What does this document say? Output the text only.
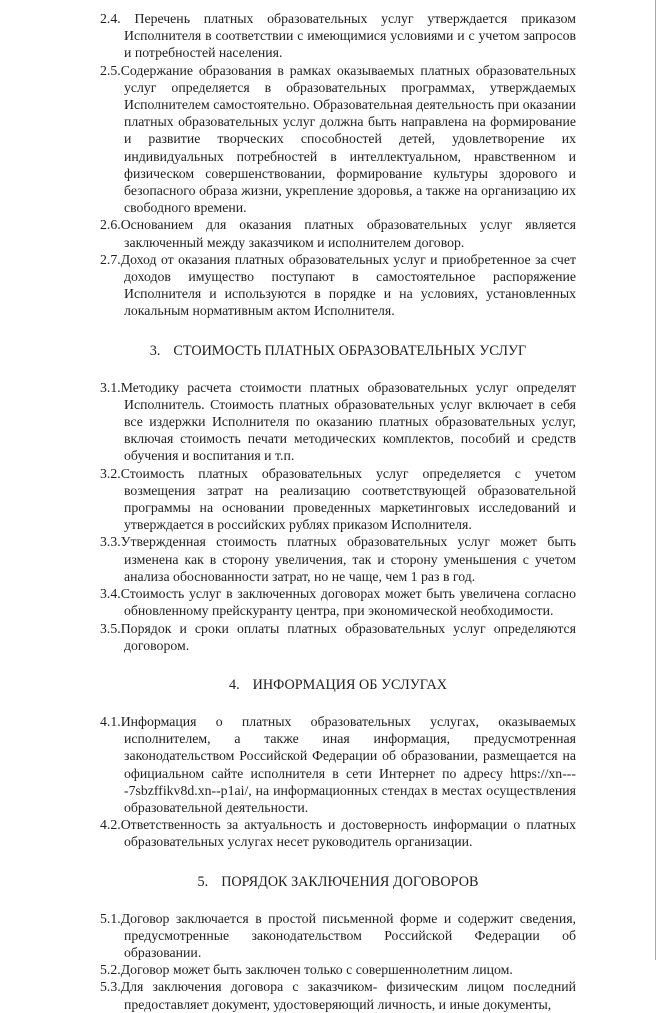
2.4. Перечень платных образовательных услуг утверждается приказом Исполнителя в соответствии с имеющимися условиями и с учетом запросов и потребностей населения.

2.5.Содержание образования в рамках оказываемых платных образовательных услуг определяется в образовательных программах, утверждаемых Исполнителем самостоятельно. Образовательная деятельность при оказании платных образовательных услуг должна быть направлена на формирование и развитие творческих способностей детей, удовлетворение их индивидуальных потребностей в интеллектуальном, нравственном и физическом совершенствовании, формирование культуры здорового и безопасного образа жизни, укрепление здоровья, а также на организацию их свободного времени.

2.6.Основанием для оказания платных образовательных услуг является заключенный между заказчиком и исполнителем договор.

2.7.Доход от оказания платных образовательных услуг и приобретенное за счет доходов имущество поступают в самостоятельное распоряжение Исполнителя и используются в порядке и на условиях, установленных локальным нормативным актом Исполнителя.

3. СТОИМОСТЬ ПЛАТНЫХ ОБРАЗОВАТЕЛЬНЫХ УСЛУГ

3.1.Методику расчета стоимости платных образовательных услуг определят Исполнитель. Стоимость платных образовательных услуг включает в себя все издержки Исполнителя по оказанию платных образовательных услуг, включая стоимость печати методических комплектов, пособий и средств обучения и воспитания и т.п.

3.2.Стоимость платных образовательных услуг определяется с учетом возмещения затрат на реализацию соответствующей образовательной программы на основании проведенных маркетинговых исследований и утверждается в российских рублях приказом Исполнителя.

3.3.Утвержденная стоимость платных образовательных услуг может быть изменена как в сторону увеличения, так и сторону уменьшения с учетом анализа обоснованности затрат, но не чаще, чем 1 раз в год.

3.4.Стоимость услуг в заключенных договорах может быть увеличена согласно обновленному прейскуранту центра, при экономической необходимости.

3.5.Порядок и сроки оплаты платных образовательных услуг определяются договором.

4. ИНФОРМАЦИЯ ОБ УСЛУГАХ

4.1.Информация о платных образовательных услугах, оказываемых исполнителем, а также иная информация, предусмотренная законодательством Российской Федерации об образовании, размещается на официальном сайте исполнителя в сети Интернет по адресу https://xn----7sbzffikv8d.xn--p1ai/, на информационных стендах в местах осуществления образовательной деятельности.

4.2.Ответственность за актуальность и достоверность информации о платных образовательных услугах несет руководитель организации.

5. ПОРЯДОК ЗАКЛЮЧЕНИЯ ДОГОВОРОВ

5.1.Договор заключается в простой письменной форме и содержит сведения, предусмотренные законодательством Российской Федерации об образовании.

5.2.Договор может быть заключен только с совершеннолетним лицом.

5.3.Для заключения договора с заказчиком- физическим лицом последний предоставляет документ, удостоверяющий личность, и иные документы,
